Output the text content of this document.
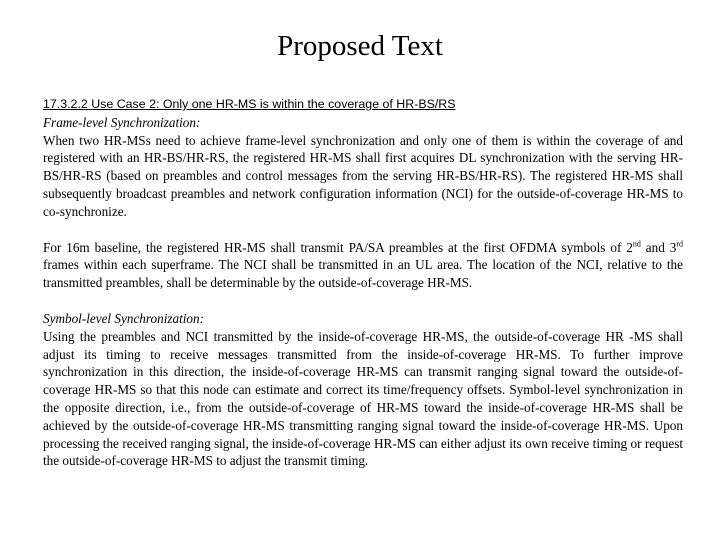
Proposed Text

17.3.2.2 Use Case 2: Only one HR-MS is within the coverage of HR-BS/RS

Frame-level Synchronization:

When two HR-MSs need to achieve frame-level synchronization and only one of them is within the coverage of and registered with an HR-BS/HR-RS, the registered HR-MS shall first acquires DL synchronization with the serving HR-BS/HR-RS (based on preambles and control messages from the serving HR-BS/HR-RS). The registered HR-MS shall subsequently broadcast preambles and network configuration information (NCI) for the outside-of-coverage HR-MS to co-synchronize.

For 16m baseline, the registered HR-MS shall transmit PA/SA preambles at the first OFDMA symbols of 2nd and 3rd frames within each superframe. The NCI shall be transmitted in an UL area. The location of the NCI, relative to the transmitted preambles, shall be determinable by the outside-of-coverage HR-MS.

Symbol-level Synchronization:

Using the preambles and NCI transmitted by the inside-of-coverage HR-MS, the outside-of-coverage HR -MS shall adjust its timing to receive messages transmitted from the inside-of-coverage HR-MS. To further improve synchronization in this direction, the inside-of-coverage HR-MS can transmit ranging signal toward the outside-of-coverage HR-MS so that this node can estimate and correct its time/frequency offsets. Symbol-level synchronization in the opposite direction, i.e., from the outside-of-coverage of HR-MS toward the inside-of-coverage HR-MS shall be achieved by the outside-of-coverage HR-MS transmitting ranging signal toward the inside-of-coverage HR-MS. Upon processing the received ranging signal, the inside-of-coverage HR-MS can either adjust its own receive timing or request the outside-of-coverage HR-MS to adjust the transmit timing.
